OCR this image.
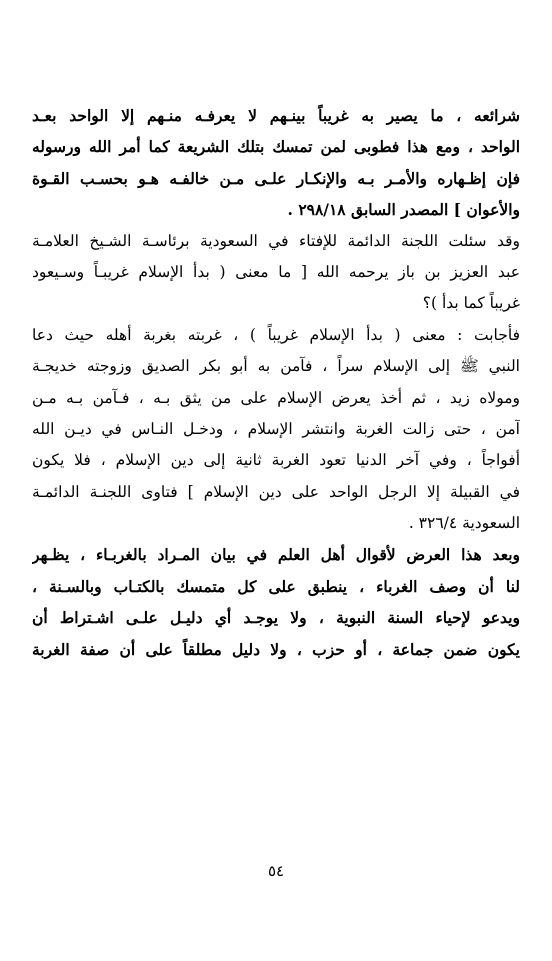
شرائعه ، ما يصير به غريباً بينـهم لا يعرفـه منـهم إلا الواحد بعـد
الواحد ، ومع هذا فطوبى لمن تمسك بتلك الشريعة كما أمر الله ورسوله
فإن إظـهاره والأمـر بـه والإنكـار علـى مـن خالفـه هـو بحسـب القـوة
والأعوان ] المصدر السابق ٢٩٨/١٨ .
وقد سئلت اللجنة الدائمة للإفتاء في السعودية برئاسـة الشـيخ العلامـة
عبد العزيز بن باز يرحمه الله [ ما معنى ( بدأ الإسلام غريبـاً وسـيعود
غريباً كما بدأ )؟
فأجابت : معنى ( بدأ الإسلام غريباً ) ، غربته بغربة أهله حيث دعا
النبي ﷺ إلى الإسلام سراً ، فآمن به أبو بكر الصديق وزوجته خديجـة
ومولاه زيد ، ثم أخذ يعرض الإسلام على من يثق بـه ، فـآمن بـه مـن
آمن ، حتى زالت الغربة وانتشر الإسلام ، ودخـل النـاس في ديـن الله
أفواجاً ، وفي آخر الدنيا تعود الغربة ثانية إلى دين الإسلام ، فلا يكون
في القبيلة إلا الرجل الواحد على دين الإسلام ] فتاوى اللجنـة الدائمـة
السعودية ٣٢٦/٤ .
وبعد هذا العرض لأقوال أهل العلم في بيان المـراد بالغربـاء ، يظـهر
لنا أن وصف الغرباء ، ينطبق على كل متمسك بالكتـاب وبالسـنة ،
ويدعو لإحياء السنة النبوية ، ولا يوجـد أي دليـل علـى اشـتراط أن
يكون ضمن جماعة ، أو حزب ، ولا دليل مطلقاً على أن صفة الغربة
٥٤
